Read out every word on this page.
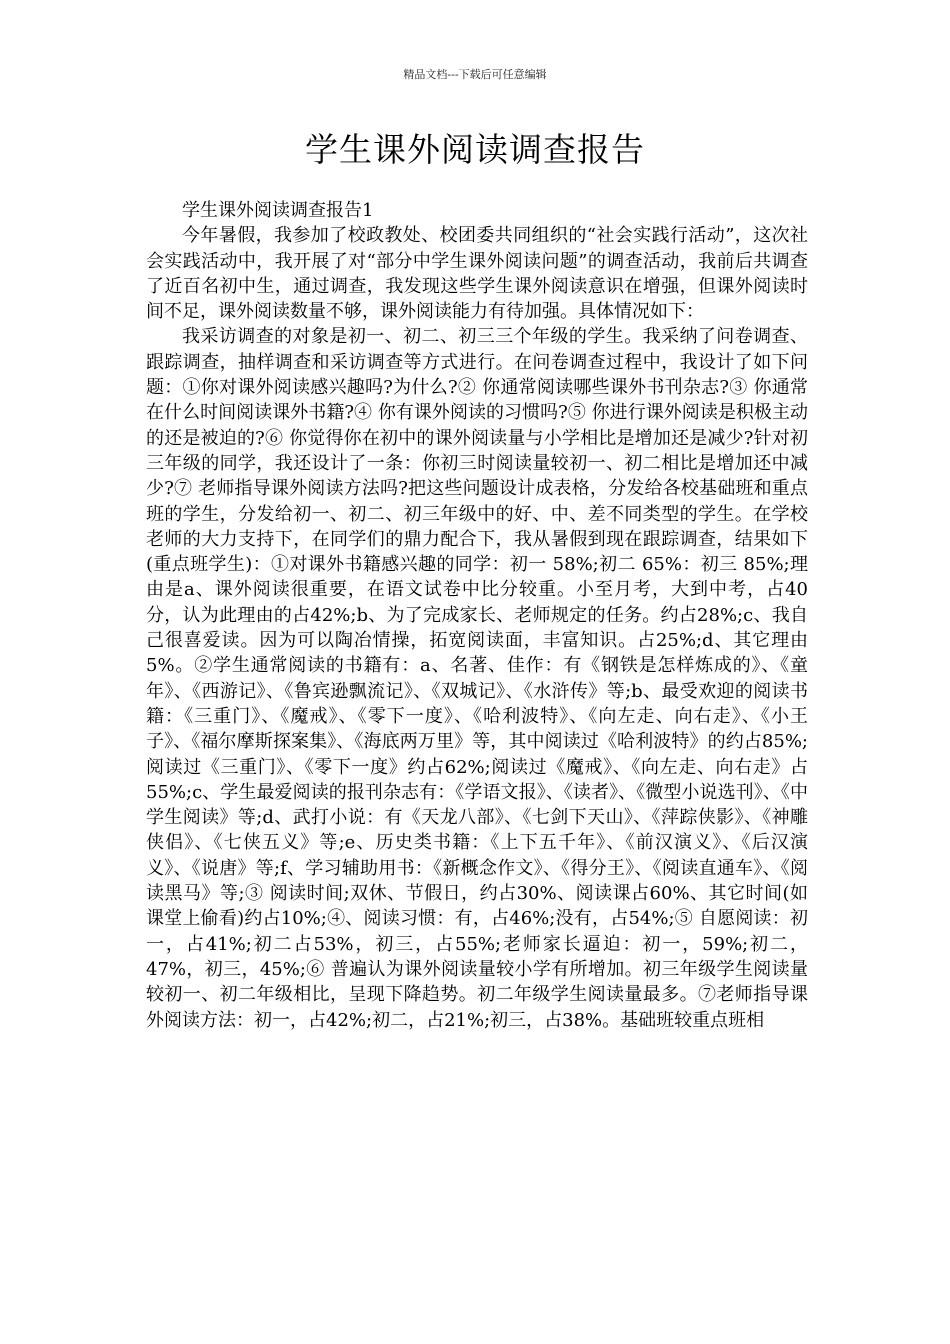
精品文档---下载后可任意编辑
学生课外阅读调查报告

学生课外阅读调查报告1

今年暑假，我参加了校政教处、校团委共同组织的“社会实践行活动”，这次社会实践活动中，我开展了对“部分中学生课外阅读问题”的调查活动，我前后共调查了近百名初中生，通过调查，我发现这些学生课外阅读意识在增强，但课外阅读时间不足，课外阅读数量不够，课外阅读能力有待加强。具体情况如下：

我采访调查的对象是初一、初二、初三三个年级的学生。我采纳了问卷调查、跟踪调查，抽样调查和采访调查等方式进行。在问卷调查过程中，我设计了如下问题：①你对课外阅读感兴趣吗?为什么?② 你通常阅读哪些课外书刊杂志?③ 你通常在什么时间阅读课外书籍?④ 你有课外阅读的习惯吗?⑤ 你进行课外阅读是积极主动的还是被迫的?⑥ 你觉得你在初中的课外阅读量与小学相比是增加还是减少?针对初三年级的同学，我还设计了一条：你初三时阅读量较初一、初二相比是增加还中减少?⑦ 老师指导课外阅读方法吗?把这些问题设计成表格，分发给各校基础班和重点班的学生，分发给初一、初二、初三年级中的好、中、差不同类型的学生。在学校老师的大力支持下，在同学们的鼎力配合下，我从暑假到现在跟踪调查，结果如下(重点班学生)：①对课外书籍感兴趣的同学：初一 58%;初二 65%：初三 85%;理由是a、课外阅读很重要，在语文试卷中比分较重。小至月考，大到中考，占40分，认为此理由的占42%;b、为了完成家长、老师规定的任务。约占28%;c、我自己很喜爱读。因为可以陶冶情操，拓宽阅读面，丰富知识。占25%;d、其它理由 5%。②学生通常阅读的书籍有：a、名著、佳作：有《钢铁是怎样炼成的》、《童年》、《西游记》、《鲁宾逊飘流记》、《双城记》、《水浒传》等;b、最受欢迎的阅读书籍：《三重门》、《魔戒》、《零下一度》、《哈利波特》、《向左走、向右走》、《小王子》、《福尔摩斯探案集》、《海底两万里》等，其中阅读过《哈利波特》的约占85%;阅读过《三重门》、《零下一度》约占62%;阅读过《魔戒》、《向左走、向右走》占55%;c、学生最爱阅读的报刊杂志有：《学语文报》、《读者》、《微型小说选刊》、《中学生阅读》等;d、武打小说：有《天龙八部》、《七剑下天山》、《萍踪侠影》、《神雕侠侣》、《七侠五义》等;e、历史类书籍：《上下五千年》、《前汉演义》、《后汉演义》、《说唐》等;f、学习辅助用书：《新概念作文》、《得分王》、《阅读直通车》、《阅读黑马》等;③ 阅读时间;双休、节假日，约占30%、阅读课占60%、其它时间(如课堂上偷看)约占10%;④、阅读习惯：有，占46%;没有，占54%;⑤ 自愿阅读：初一，占41%;初二占53%，初三，占55%;老师家长逼迫：初一，59%;初二，47%，初三，45%;⑥ 普遍认为课外阅读量较小学有所增加。初三年级学生阅读量较初一、初二年级相比，呈现下降趋势。初二年级学生阅读量最多。⑦老师指导课外阅读方法：初一，占42%;初二，占21%;初三，占38%。基础班较重点班相
